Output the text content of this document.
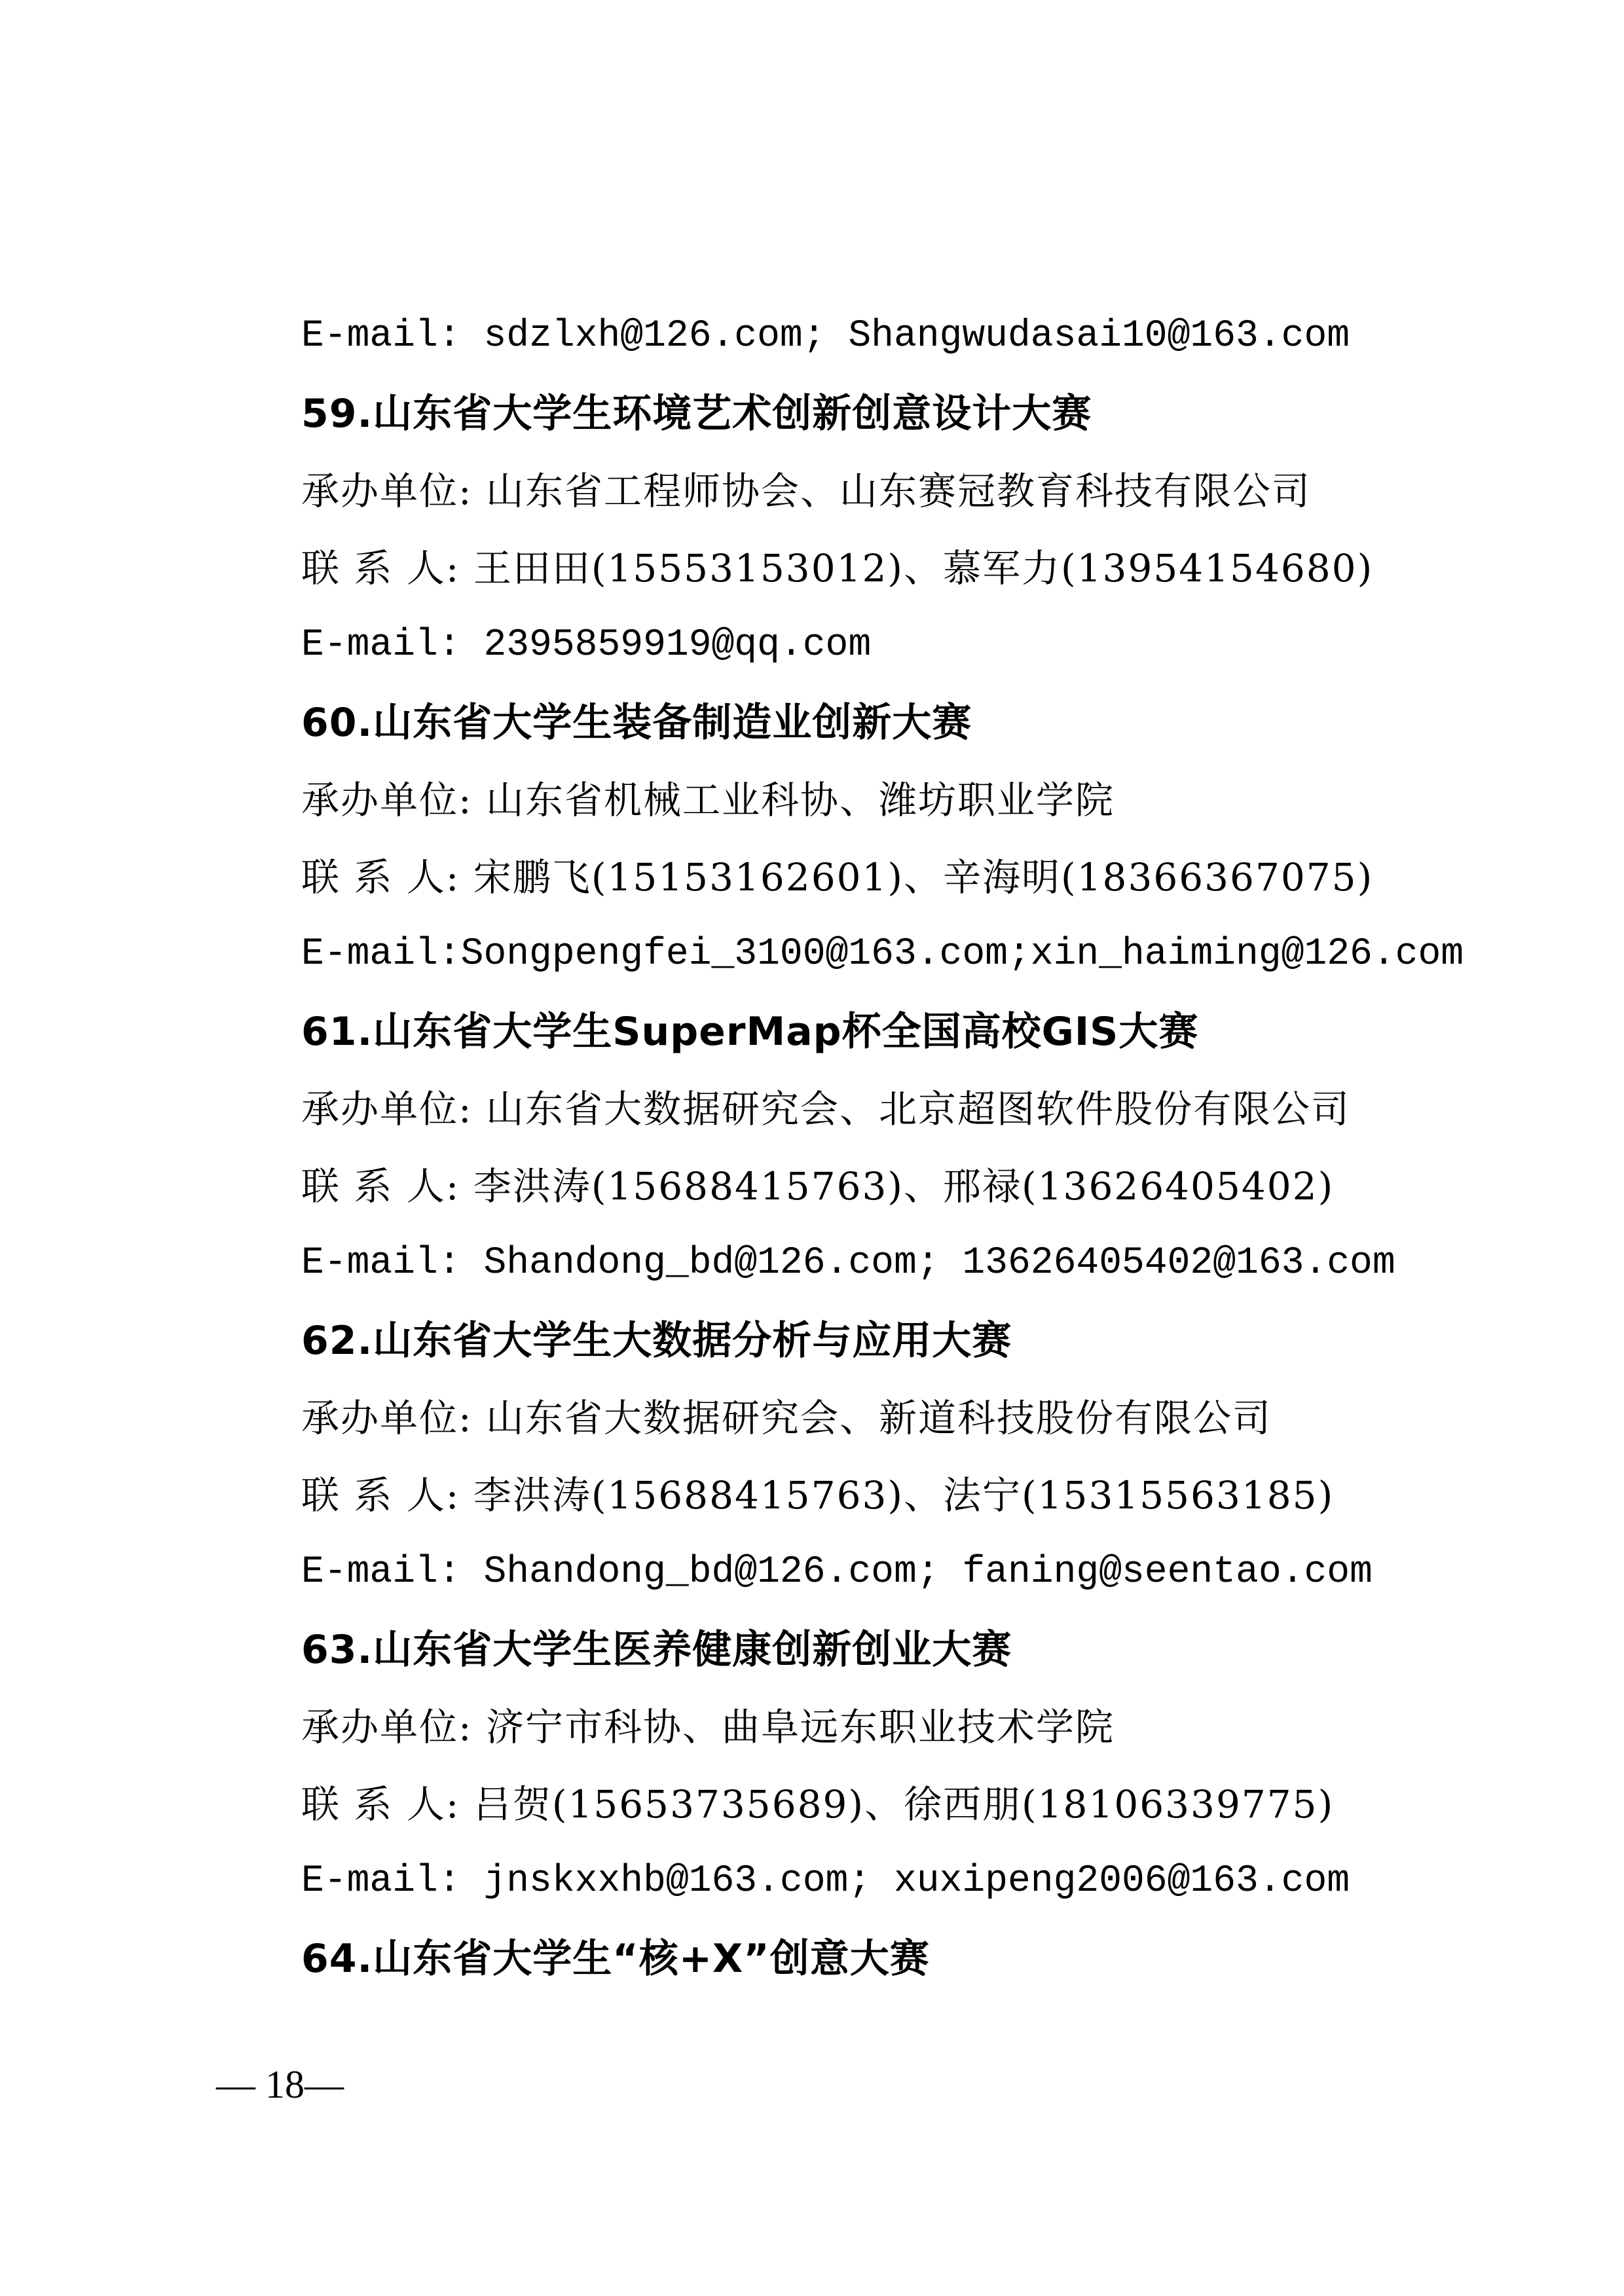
E-mail: sdzlxh@126.com; Shangwudasai10@163.com
59.山东省大学生环境艺术创新创意设计大赛
承办单位: 山东省工程师协会、山东赛冠教育科技有限公司
联 系 人: 王田田(15553153012)、慕军力(13954154680)
E-mail: 2395859919@qq.com
60.山东省大学生装备制造业创新大赛
承办单位: 山东省机械工业科协、潍坊职业学院
联 系 人: 宋鹏飞(15153162601)、辛海明(18366367075)
E-mail:Songpengfei_3100@163.com;xin_haiming@126.com
61.山东省大学生SuperMap杯全国高校GIS大赛
承办单位: 山东省大数据研究会、北京超图软件股份有限公司
联 系 人: 李洪涛(15688415763)、邢禄(13626405402)
E-mail: Shandong_bd@126.com; 13626405402@163.com
62.山东省大学生大数据分析与应用大赛
承办单位: 山东省大数据研究会、新道科技股份有限公司
联 系 人: 李洪涛(15688415763)、法宁(15315563185)
E-mail: Shandong_bd@126.com; faning@seentao.com
63.山东省大学生医养健康创新创业大赛
承办单位: 济宁市科协、曲阜远东职业技术学院
联 系 人: 吕贺(15653735689)、徐西朋(18106339775)
E-mail: jnskxxhb@163.com; xuxipeng2006@163.com
64.山东省大学生“核+X”创意大赛
— 18—
